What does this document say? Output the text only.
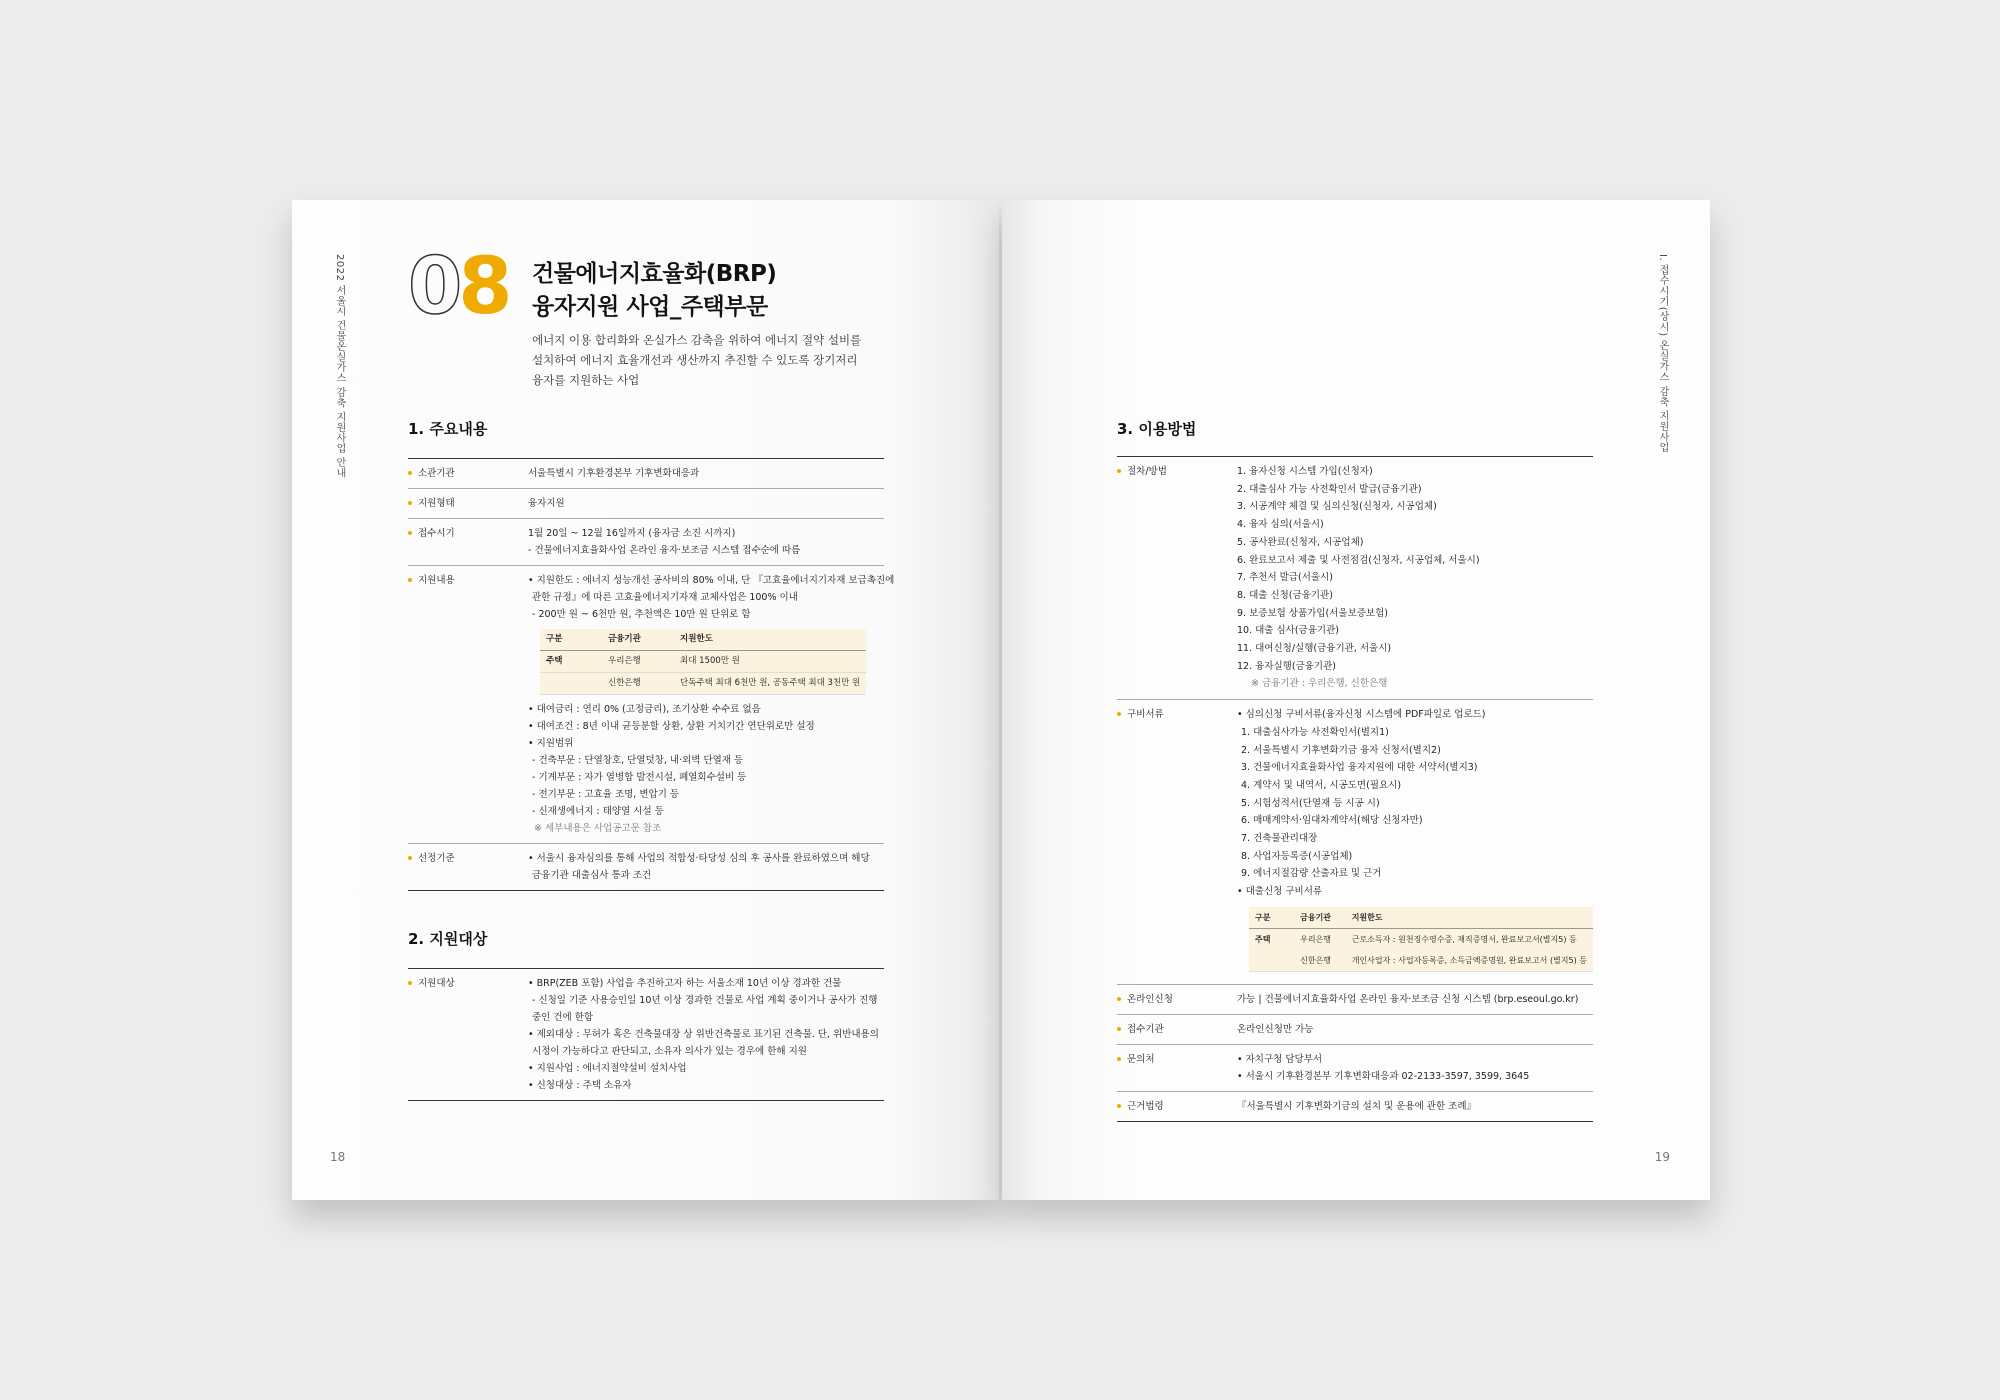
2022 서울시 건물온실가스 감축 지원사업 안내 08 건물에너지효율화(BRP)
융자지원 사업_주택부문
에너지 이용 합리화와 온실가스 감축을 위하여 에너지 절약 설비를
설치하여 에너지 효율개선과 생산까지 추진할 수 있도록 장기저리
융자를 지원하는 사업
1. 주요내용
소관기관	서울특별시 기후환경본부 기후변화대응과
지원형태	융자지원
접수시기	1월 20일 ~ 12월 16일까지 (융자금 소진 시까지)
- 건물에너지효율화사업 온라인 융자·보조금 시스템 접수순에 따름
지원내용	• 지원한도 : 에너지 성능개선 공사비의 80% 이내, 단 『고효율에너지기자재 보급촉진에
관한 규정』에 따른 고효율에너지기자재 교체사업은 100% 이내
- 200만 원 ~ 6천만 원, 추천액은 10만 원 단위로 함
구분	금융기관	지원한도
주택	우리은행	최대 1500만 원
	신한은행	단독주택 최대 6천만 원, 공동주택 최대 3천만 원
• 대여금리 : 연리 0% (고정금리), 조기상환 수수료 없음
• 대여조건 : 8년 이내 균등분할 상환, 상환 거치기간 연단위로만 설정
• 지원범위
- 건축부문 : 단열창호, 단열덧창, 내·외벽 단열재 등
- 기계부문 : 자가 열병합 발전시설, 폐열회수설비 등
- 전기부문 : 고효율 조명, 변압기 등
- 신재생에너지 : 태양열 시설 등
※ 세부내용은 사업공고문 참조
선정기준	• 서울시 융자심의를 통해 사업의 적합성·타당성 심의 후 공사를 완료하였으며 해당
금융기관 대출심사 통과 조건
2. 지원대상
지원대상	• BRP(ZEB 포함) 사업을 추진하고자 하는 서울소재 10년 이상 경과한 건물
- 신청일 기준 사용승인일 10년 이상 경과한 건물로 사업 계획 중이거나 공사가 진행
중인 건에 한함
• 제외대상 : 무허가 혹은 건축물대장 상 위반건축물로 표기된 건축물. 단, 위반내용의
시정이 가능하다고 판단되고, 소유자 의사가 있는 경우에 한해 지원
• 지원사업 : 에너지절약설비 설치사업
• 신청대상 : 주택 소유자
18
I. 접수시기(상시) 온실가스 감축 지원사업
3. 이용방법
절차/방법	1. 융자신청 시스템 가입(신청자)
2. 대출심사 가능 사전확인서 발급(금융기관)
3. 시공계약 체결 및 심의신청(신청자, 시공업체)
4. 융자 심의(서울시)
5. 공사완료(신청자, 시공업체)
6. 완료보고서 제출 및 사전점검(신청자, 시공업체, 서울시)
7. 추천서 발급(서울시)
8. 대출 신청(금융기관)
9. 보증보험 상품가입(서울보증보험)
10. 대출 심사(금융기관)
11. 대여신청/실행(금융기관, 서울시)
12. 융자실행(금융기관)
※ 금융기관 : 우리은행, 신한은행
구비서류	• 심의신청 구비서류(융자신청 시스템에 PDF파일로 업로드)
1. 대출심사가능 사전확인서(별지1)
2. 서울특별시 기후변화기금 융자 신청서(별지2)
3. 건물에너지효율화사업 융자지원에 대한 서약서(별지3)
4. 계약서 및 내역서, 시공도면(필요시)
5. 시험성적서(단열재 등 시공 시)
6. 매매계약서·임대차계약서(해당 신청자만)
7. 건축물관리대장
8. 사업자등록증(시공업체)
9. 에너지절감량 산출자료 및 근거
• 대출신청 구비서류
구분	금융기관	지원한도
주택	우리은행	근로소득자 : 원천징수영수증, 재직증명서, 완료보고서(별지5) 등
	신한은행	개인사업자 : 사업자등록증, 소득금액증명원, 완료보고서 (별지5) 등
온라인신청	가능 | 건물에너지효율화사업 온라인 융자·보조금 신청 시스템 (brp.eseoul.go.kr)
접수기관	온라인신청만 가능
문의처	• 자치구청 담당부서
• 서울시 기후환경본부 기후변화대응과 02-2133-3597, 3599, 3645
근거법령	『서울특별시 기후변화기금의 설치 및 운용에 관한 조례』
19
